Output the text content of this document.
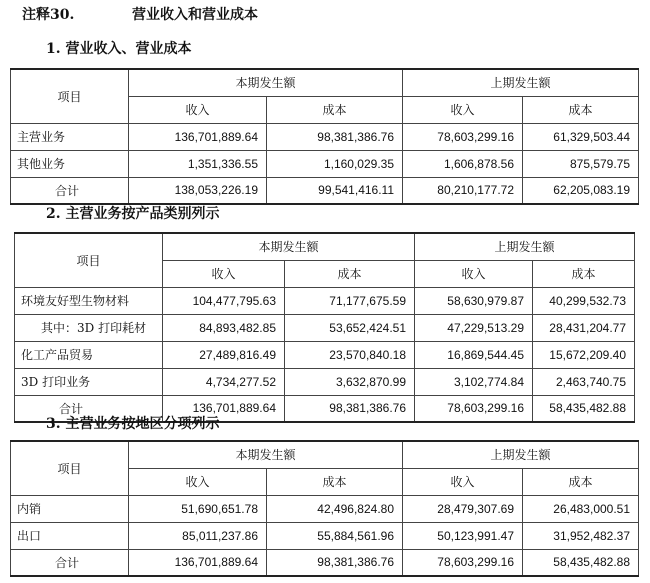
注释30.	营业收入和营业成本
1. 营业收入、营业成本
项目	本期发生额		上期发生额	
	收入	成本	收入	成本
主营业务	136,701,889.64	98,381,386.76	78,603,299.16	61,329,503.44
其他业务	1,351,336.55	1,160,029.35	1,606,878.56	875,579.75
合计	138,053,226.19	99,541,416.11	80,210,177.72	62,205,083.19
2. 主营业务按产品类别列示
项目	本期发生额		上期发生额	
	收入	成本	收入	成本
环境友好型生物材料	104,477,795.63	71,177,675.59	58,630,979.87	40,299,532.73
其中：3D 打印耗材	84,893,482.85	53,652,424.51	47,229,513.29	28,431,204.77
化工产品贸易	27,489,816.49	23,570,840.18	16,869,544.45	15,672,209.40
3D 打印业务	4,734,277.52	3,632,870.99	3,102,774.84	2,463,740.75
合计	136,701,889.64	98,381,386.76	78,603,299.16	58,435,482.88
3. 主营业务按地区分项列示
项目	本期发生额		上期发生额	
	收入	成本	收入	成本
内销	51,690,651.78	42,496,824.80	28,479,307.69	26,483,000.51
出口	85,011,237.86	55,884,561.96	50,123,991.47	31,952,482.37
合计	136,701,889.64	98,381,386.76	78,603,299.16	58,435,482.88
